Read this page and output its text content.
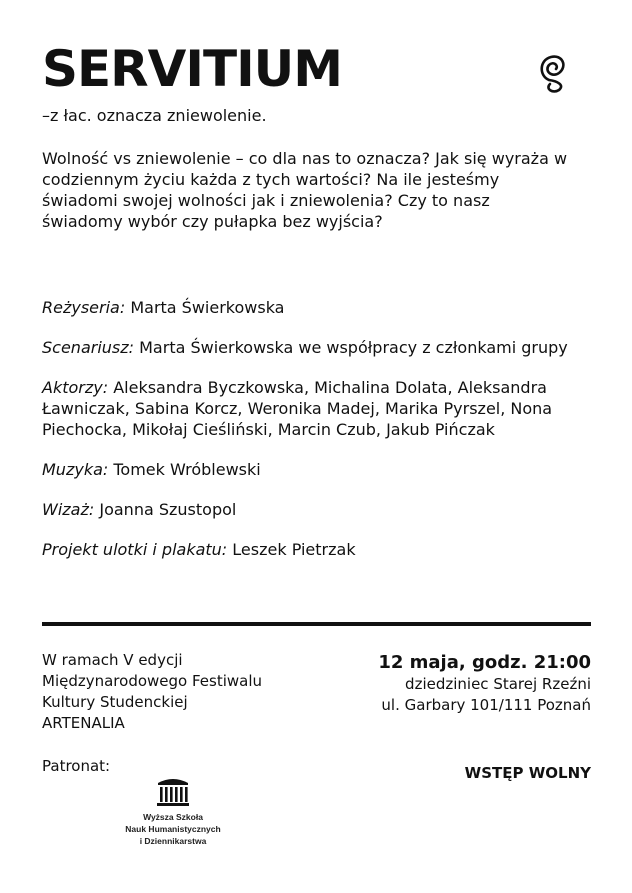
SERVITIUM
–z łac. oznacza zniewolenie.

Wolność vs zniewolenie – co dla nas to oznacza? Jak się wyraża w codziennym życiu każda z tych wartości? Na ile jesteśmy świadomi swojej wolności jak i zniewolenia? Czy to nasz świadomy wybór czy pułapka bez wyjścia?

Reżyseria: Marta Świerkowska

Scenariusz: Marta Świerkowska we współpracy z członkami grupy

Aktorzy: Aleksandra Byczkowska, Michalina Dolata, Aleksandra Ławniczak, Sabina Korcz, Weronika Madej, Marika Pyrszel, Nona Piechocka, Mikołaj Cieśliński, Marcin Czub, Jakub Pińczak

Muzyka: Tomek Wróblewski

Wizaż: Joanna Szustopol

Projekt ulotki i plakatu: Leszek Pietrzak

W ramach V edycji Międzynarodowego Festiwalu Kultury Studenckiej ARTENALIA

12 maja, godz. 21:00
dziedziniec Starej Rzeźni
ul. Garbary 101/111 Poznań
Patronat:	WSTĘP WOLNY
Wyższa Szkoła
Nauk Humanistycznych
i Dziennikarstwa
